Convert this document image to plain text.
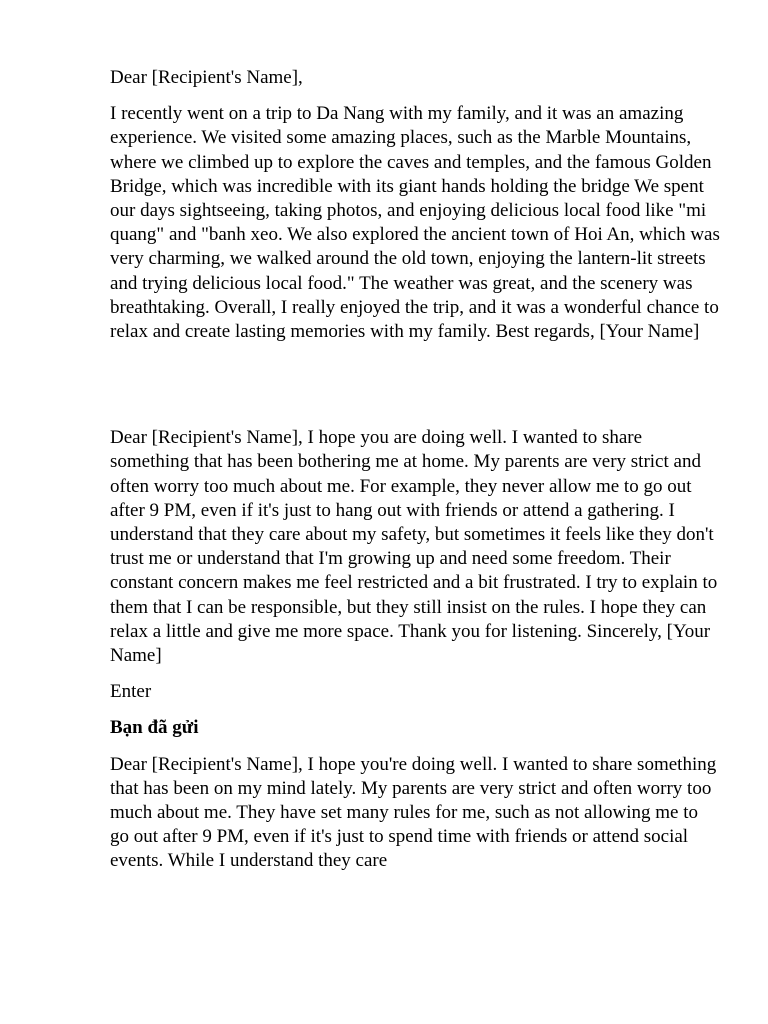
Dear [Recipient's Name],

I recently went on a trip to Da Nang with my family, and it was an amazing experience. We visited some amazing places, such as the Marble Mountains, where we climbed up to explore the caves and temples, and the famous Golden Bridge, which was incredible with its giant hands holding the bridge We spent our days sightseeing, taking photos, and enjoying delicious local food like "mi quang" and "banh xeo. We also explored the ancient town of Hoi An, which was very charming, we walked around the old town, enjoying the lantern-lit streets and trying delicious local food." The weather was great, and the scenery was breathtaking. Overall, I really enjoyed the trip, and it was a wonderful chance to relax and create lasting memories with my family. Best regards, [Your Name]

Dear [Recipient's Name], I hope you are doing well. I wanted to share something that has been bothering me at home. My parents are very strict and often worry too much about me. For example, they never allow me to go out after 9 PM, even if it's just to hang out with friends or attend a gathering. I understand that they care about my safety, but sometimes it feels like they don't trust me or understand that I'm growing up and need some freedom. Their constant concern makes me feel restricted and a bit frustrated. I try to explain to them that I can be responsible, but they still insist on the rules. I hope they can relax a little and give me more space. Thank you for listening. Sincerely, [Your Name]

Enter

Bạn đã gửi

Dear [Recipient's Name], I hope you're doing well. I wanted to share something that has been on my mind lately. My parents are very strict and often worry too much about me. They have set many rules for me, such as not allowing me to go out after 9 PM, even if it's just to spend time with friends or attend social events. While I understand they care
